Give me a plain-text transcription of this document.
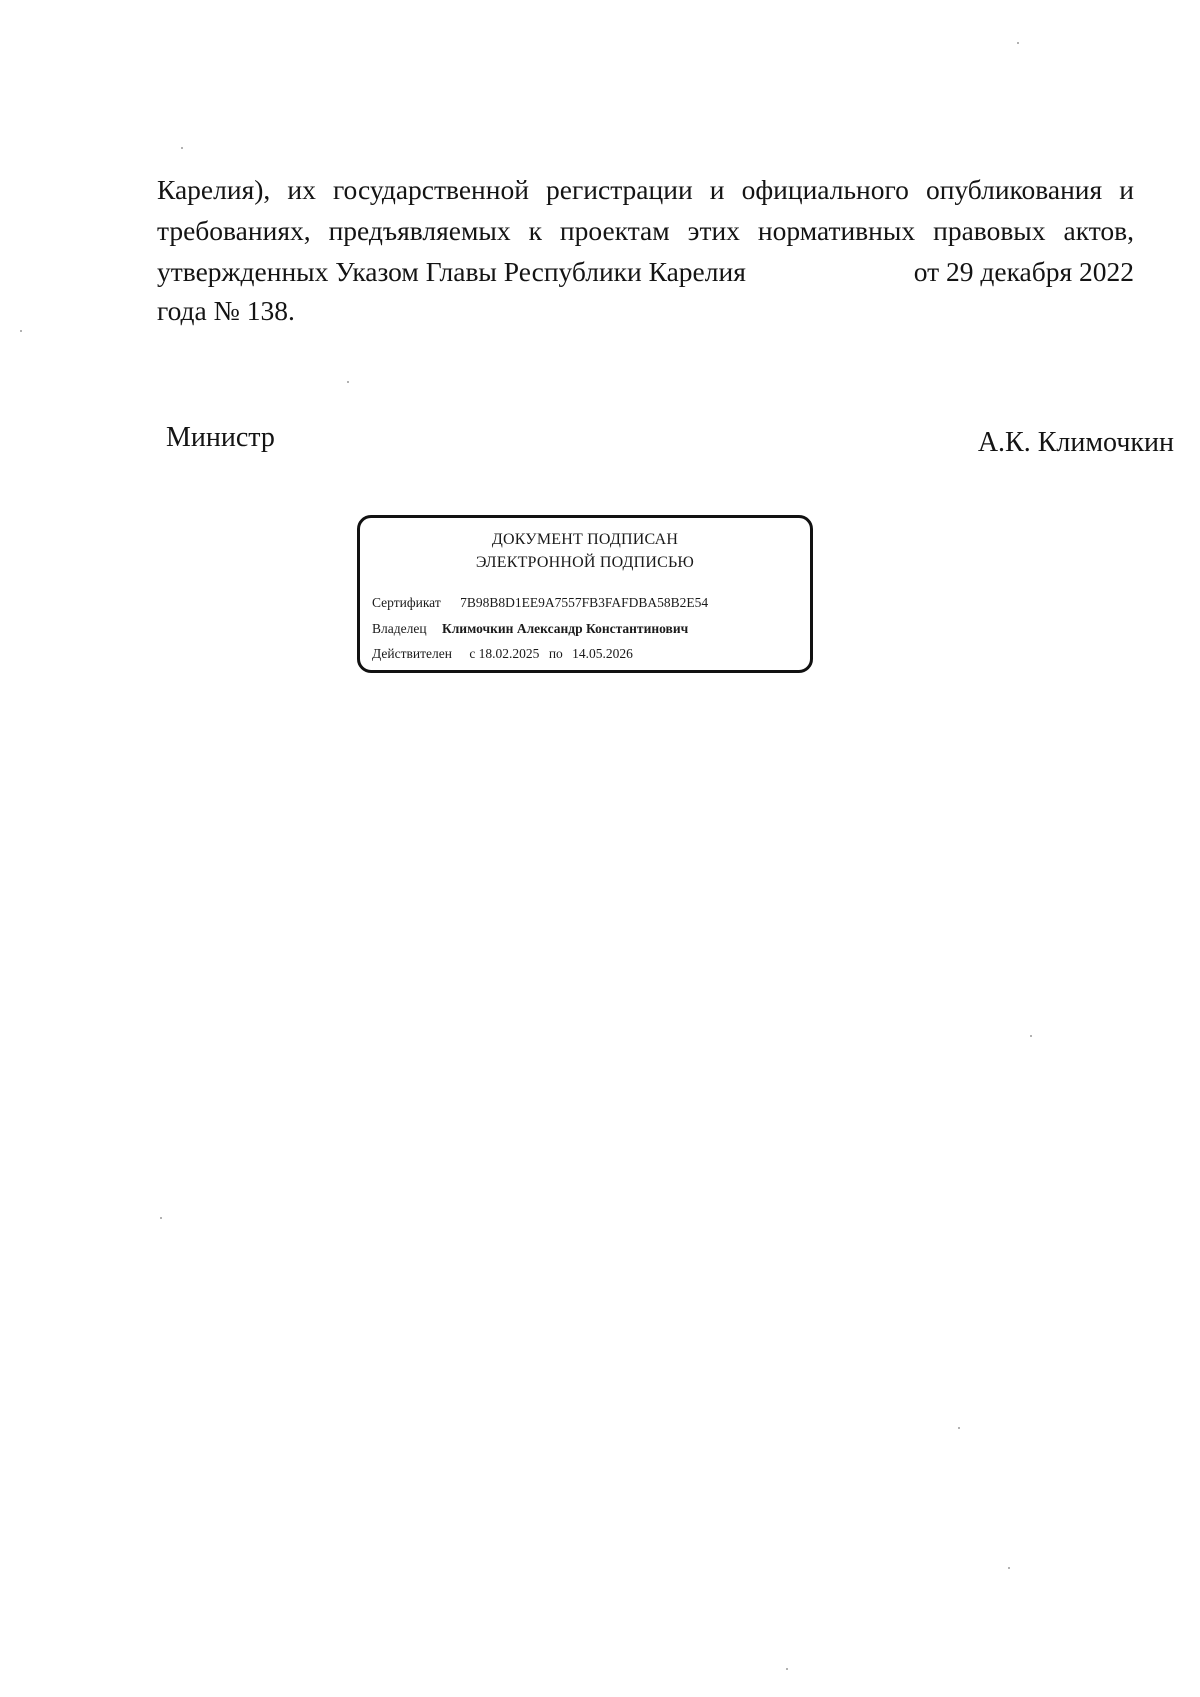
Карелия), их государственной регистрации и официального опубликования и
требованиях, предъявляемых к проектам этих нормативных правовых актов,
утвержденных Указом Главы Республики Карелия	от 29 декабря 2022
года № 138.
Министр	А.К. Климочкин
ДОКУМЕНТ ПОДПИСАН
ЭЛЕКТРОННОЙ ПОДПИСЬЮ
Сертификат 7B98B8D1EE9A7557FB3FAFDBA58B2E54
Владелец Климочкин Александр Константинович
Действителен с 18.02.2025 по 14.05.2026
